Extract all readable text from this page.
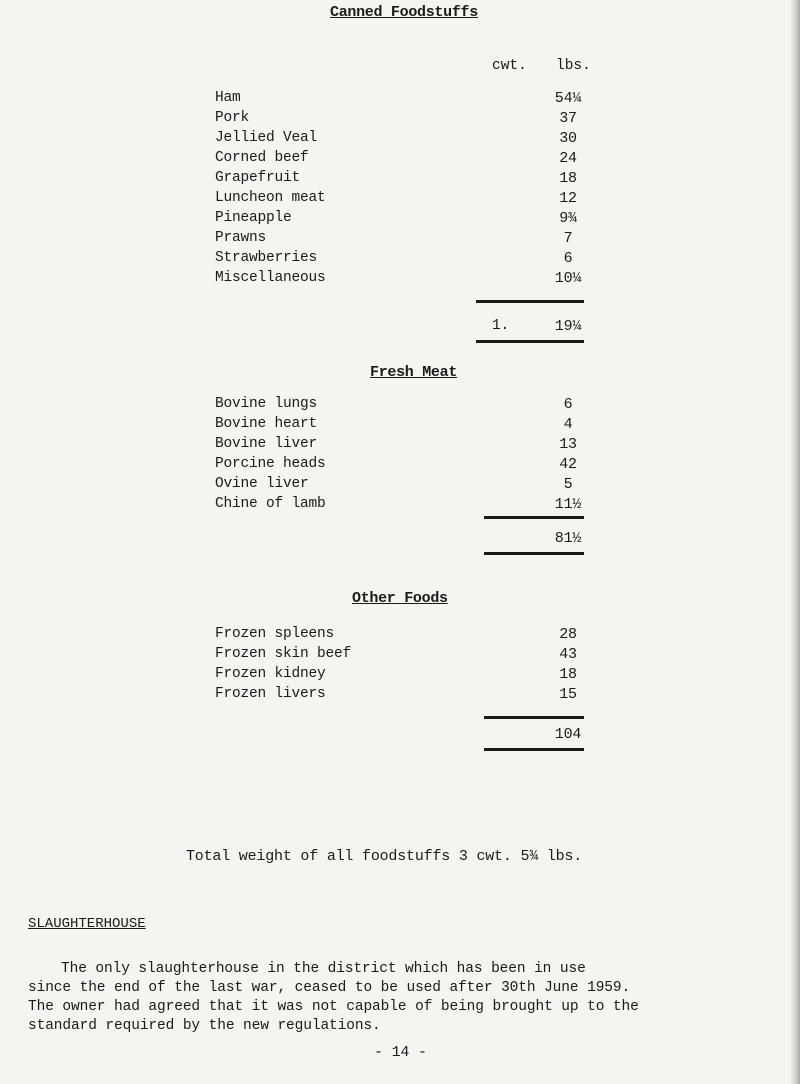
Canned Foodstuffs
cwt. lbs.
Ham	54¼
Pork	37
Jellied Veal	30
Corned beef	24
Grapefruit	18
Luncheon meat	12
Pineapple	9¾
Prawns	7
Strawberries	6
Miscellaneous	10¼
1.	19¼
Fresh Meat
Bovine lungs	6
Bovine heart	4
Bovine liver	13
Porcine heads	42
Ovine liver	5
Chine of lamb	11½
81½
Other Foods
Frozen spleens	28
Frozen skin beef	43
Frozen kidney	18
Frozen livers	15
104
Total weight of all foodstuffs 3 cwt. 5¾ lbs.
SLAUGHTERHOUSE
The only slaughterhouse in the district which has been in use
since the end of the last war, ceased to be used after 30th June 1959.
The owner had agreed that it was not capable of being brought up to the
standard required by the new regulations.
- 14 -
